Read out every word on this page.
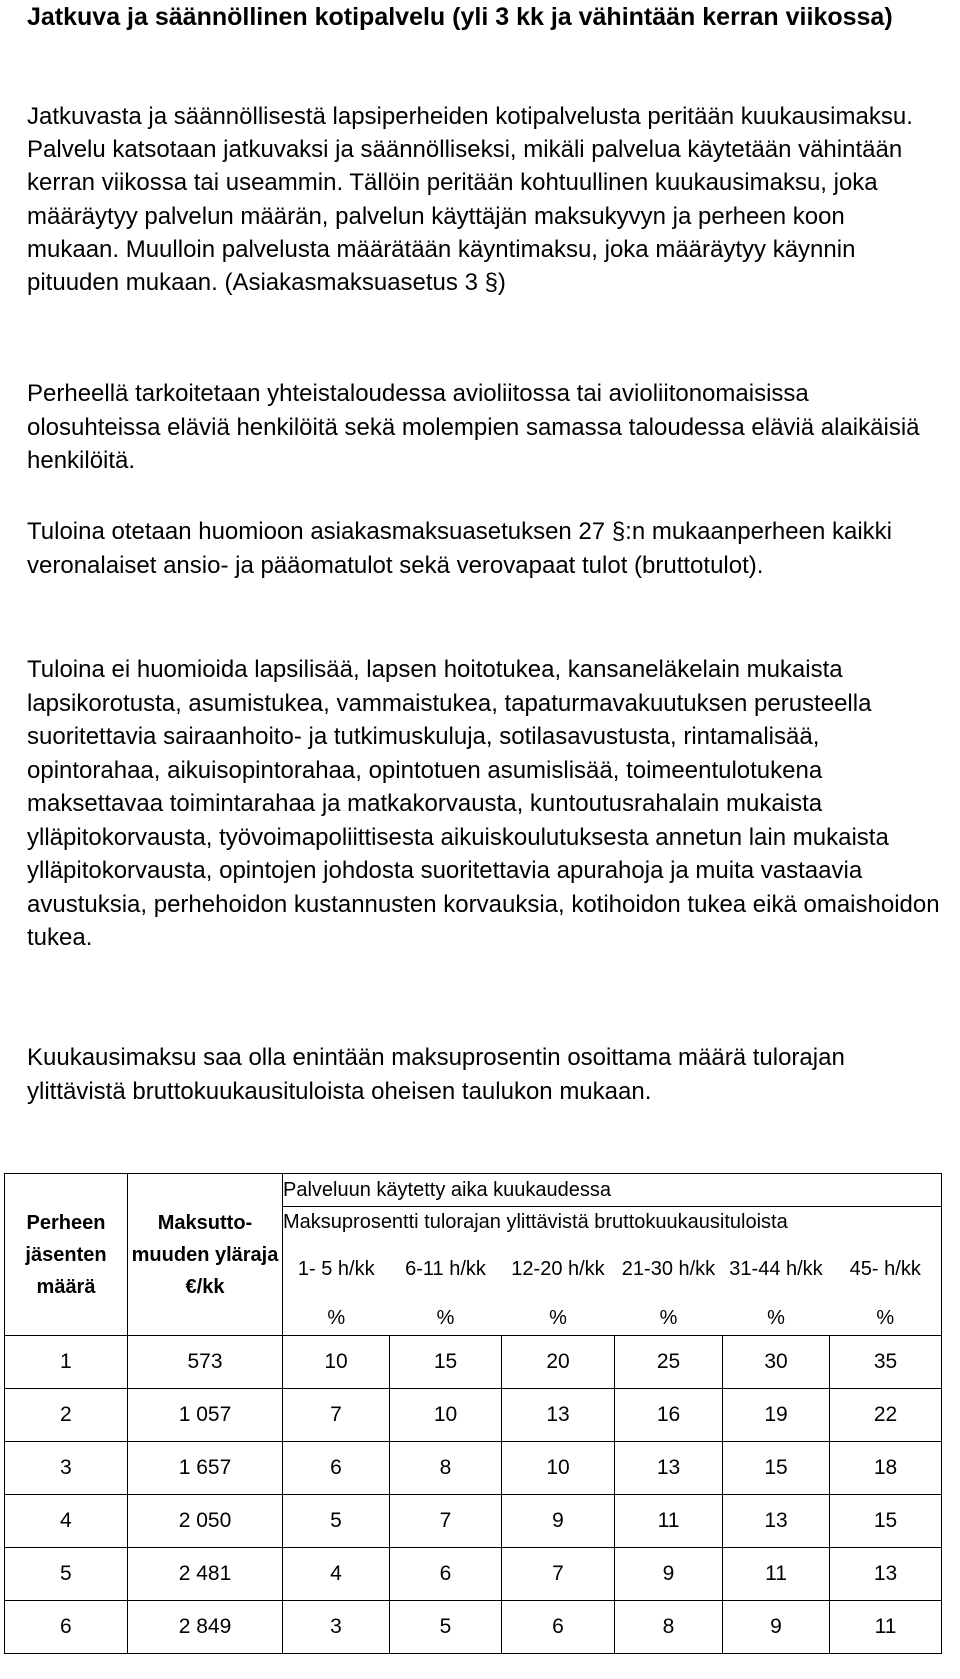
Jatkuva ja säännöllinen kotipalvelu (yli 3 kk ja vähintään kerran viikossa)

Jatkuvasta ja säännöllisestä lapsiperheiden kotipalvelusta peritään kuukausimaksu. Palvelu katsotaan jatkuvaksi ja säännölliseksi, mikäli palvelua käytetään vähintään kerran viikossa tai useammin. Tällöin peritään kohtuullinen kuukausimaksu, joka määräytyy palvelun määrän, palvelun käyttäjän maksukyvyn ja perheen koon mukaan. Muulloin palvelusta määrätään käyntimaksu, joka määräytyy käynnin pituuden mukaan. (Asiakasmaksuasetus 3 §)

Perheellä tarkoitetaan yhteistaloudessa avioliitossa tai avioliitonomaisissa olosuhteissa eläviä henkilöitä sekä molempien samassa taloudessa eläviä alaikäisiä henkilöitä.

Tuloina otetaan huomioon asiakasmaksuasetuksen 27 §:n mukaanperheen kaikki veronalaiset ansio- ja pääomatulot sekä verovapaat tulot (bruttotulot).

Tuloina ei huomioida lapsilisää, lapsen hoitotukea, kansaneläkelain mukaista lapsikorotusta, asumistukea, vammaistukea, tapaturmavakuutuksen perusteella suoritettavia sairaanhoito- ja tutkimuskuluja, sotilasavustusta, rintamalisää, opintorahaa, aikuisopintorahaa, opintotuen asumislisää, toimeentulotukena maksettavaa toimintarahaa ja matkakorvausta, kuntoutusrahalain mukaista ylläpitokorvausta, työvoimapoliittisesta aikuiskoulutuksesta annetun lain mukaista ylläpitokorvausta, opintojen johdosta suoritettavia apurahoja ja muita vastaavia avustuksia, perhehoidon kustannusten korvauksia, kotihoidon tukea eikä omaishoidon tukea.

Kuukausimaksu saa olla enintään maksuprosentin osoittama määrä tulorajan ylittävistä bruttokuukausituloista oheisen taulukon mukaan.

Perheen jäsenten määrä	Maksutto-muuden yläraja €/kk	Palveluun käytetty aika kuukaudessa					
		Maksuprosentti tulorajan ylittävistä bruttokuukausituloista					
		1- 5 h/kk	6-11 h/kk	12-20 h/kk	21-30 h/kk	31-44 h/kk	45- h/kk
		%	%	%	%	%	%
1	573	10	15	20	25	30	35
2	1 057	7	10	13	16	19	22
3	1 657	6	8	10	13	15	18
4	2 050	5	7	9	11	13	15
5	2 481	4	6	7	9	11	13
6	2 849	3	5	6	8	9	11
